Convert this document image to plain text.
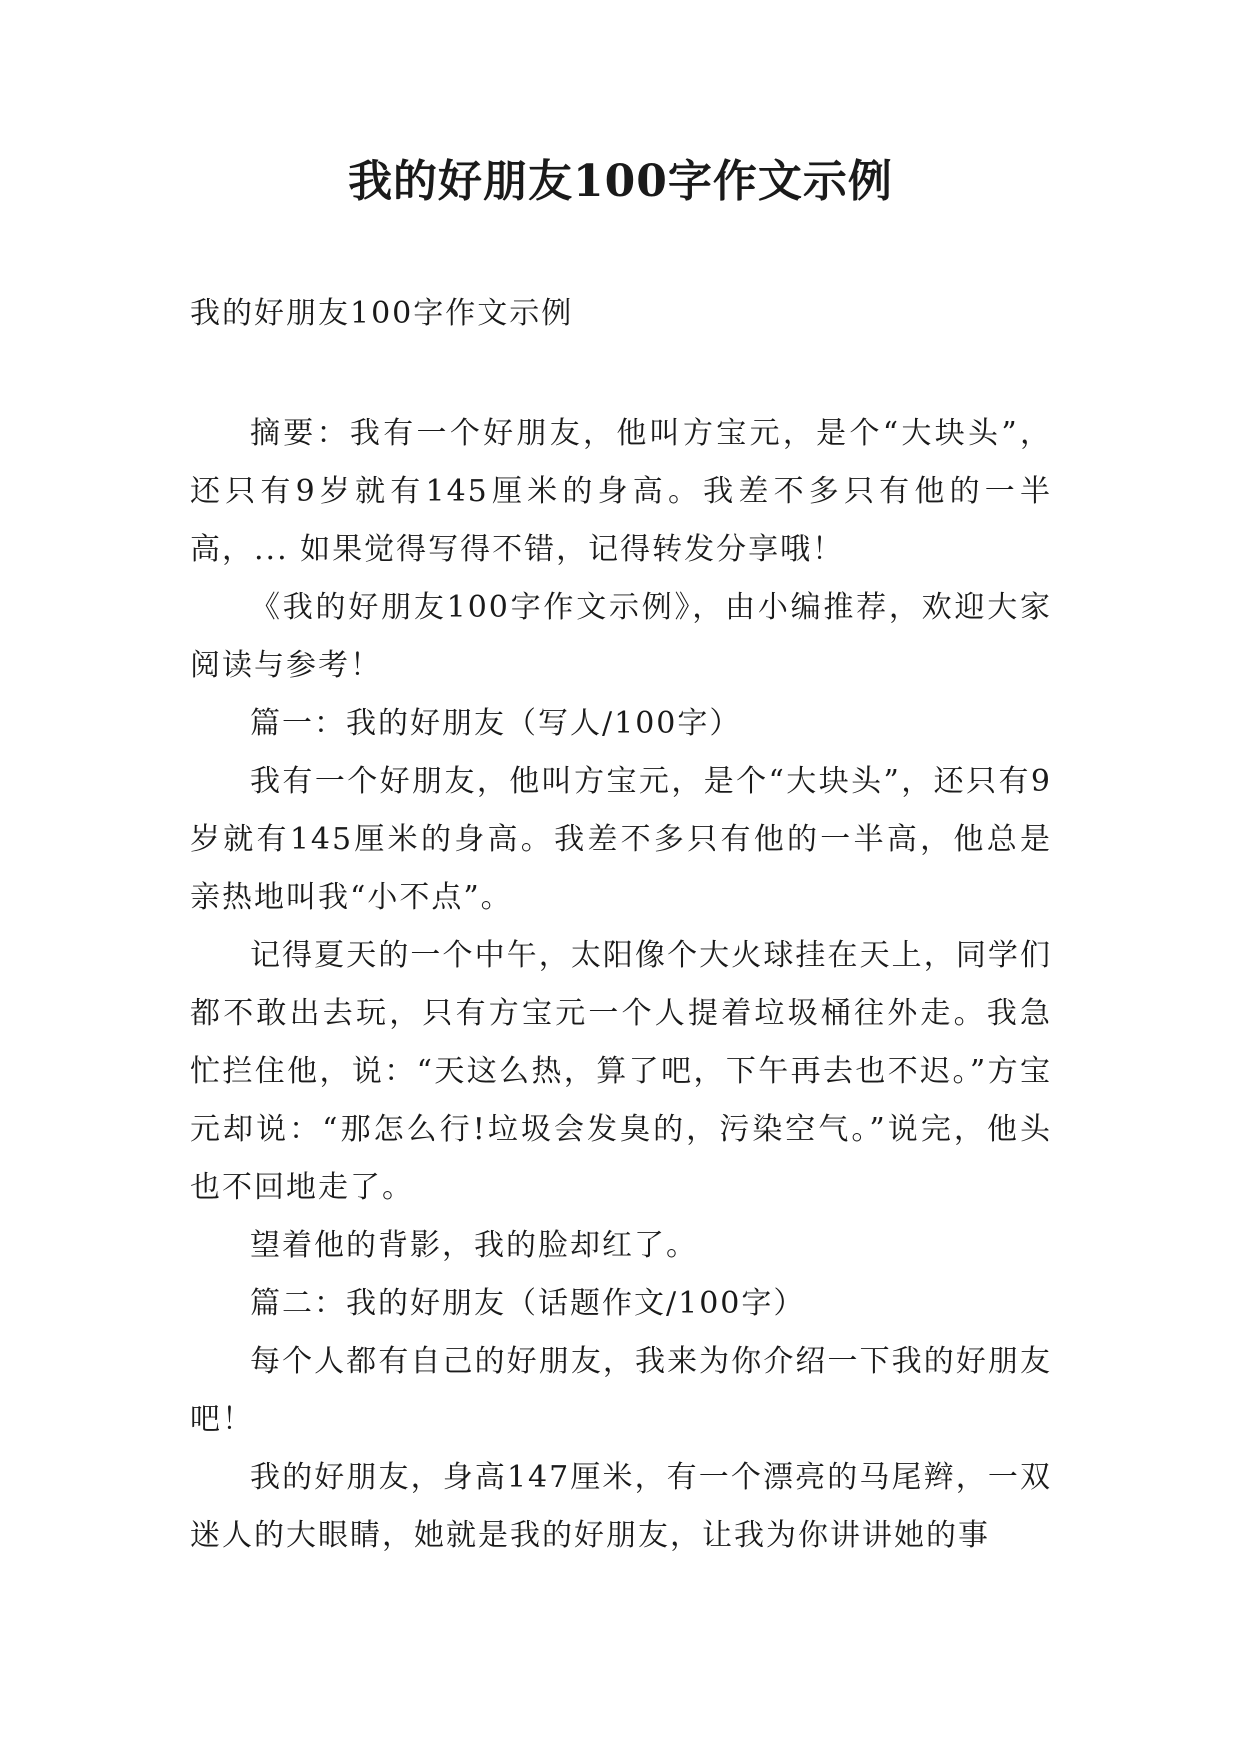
我的好朋友100字作文示例

我的好朋友100字作文示例

摘要：我有一个好朋友，他叫方宝元，是个“大块头”，还只有9岁就有145厘米的身高。我差不多只有他的一半高，... 如果觉得写得不错，记得转发分享哦！

《我的好朋友100字作文示例》，由小编推荐，欢迎大家阅读与参考！

篇一：我的好朋友（写人/100字）

我有一个好朋友，他叫方宝元，是个“大块头”，还只有9岁就有145厘米的身高。我差不多只有他的一半高，他总是亲热地叫我“小不点”。

记得夏天的一个中午，太阳像个大火球挂在天上，同学们都不敢出去玩，只有方宝元一个人提着垃圾桶往外走。我急忙拦住他，说：“天这么热，算了吧，下午再去也不迟。”方宝元却说：“那怎么行!垃圾会发臭的，污染空气。”说完，他头也不回地走了。

望着他的背影，我的脸却红了。

篇二：我的好朋友（话题作文/100字）

每个人都有自己的好朋友，我来为你介绍一下我的好朋友吧！

我的好朋友，身高147厘米，有一个漂亮的马尾辫，一双迷人的大眼睛，她就是我的好朋友，让我为你讲讲她的事
